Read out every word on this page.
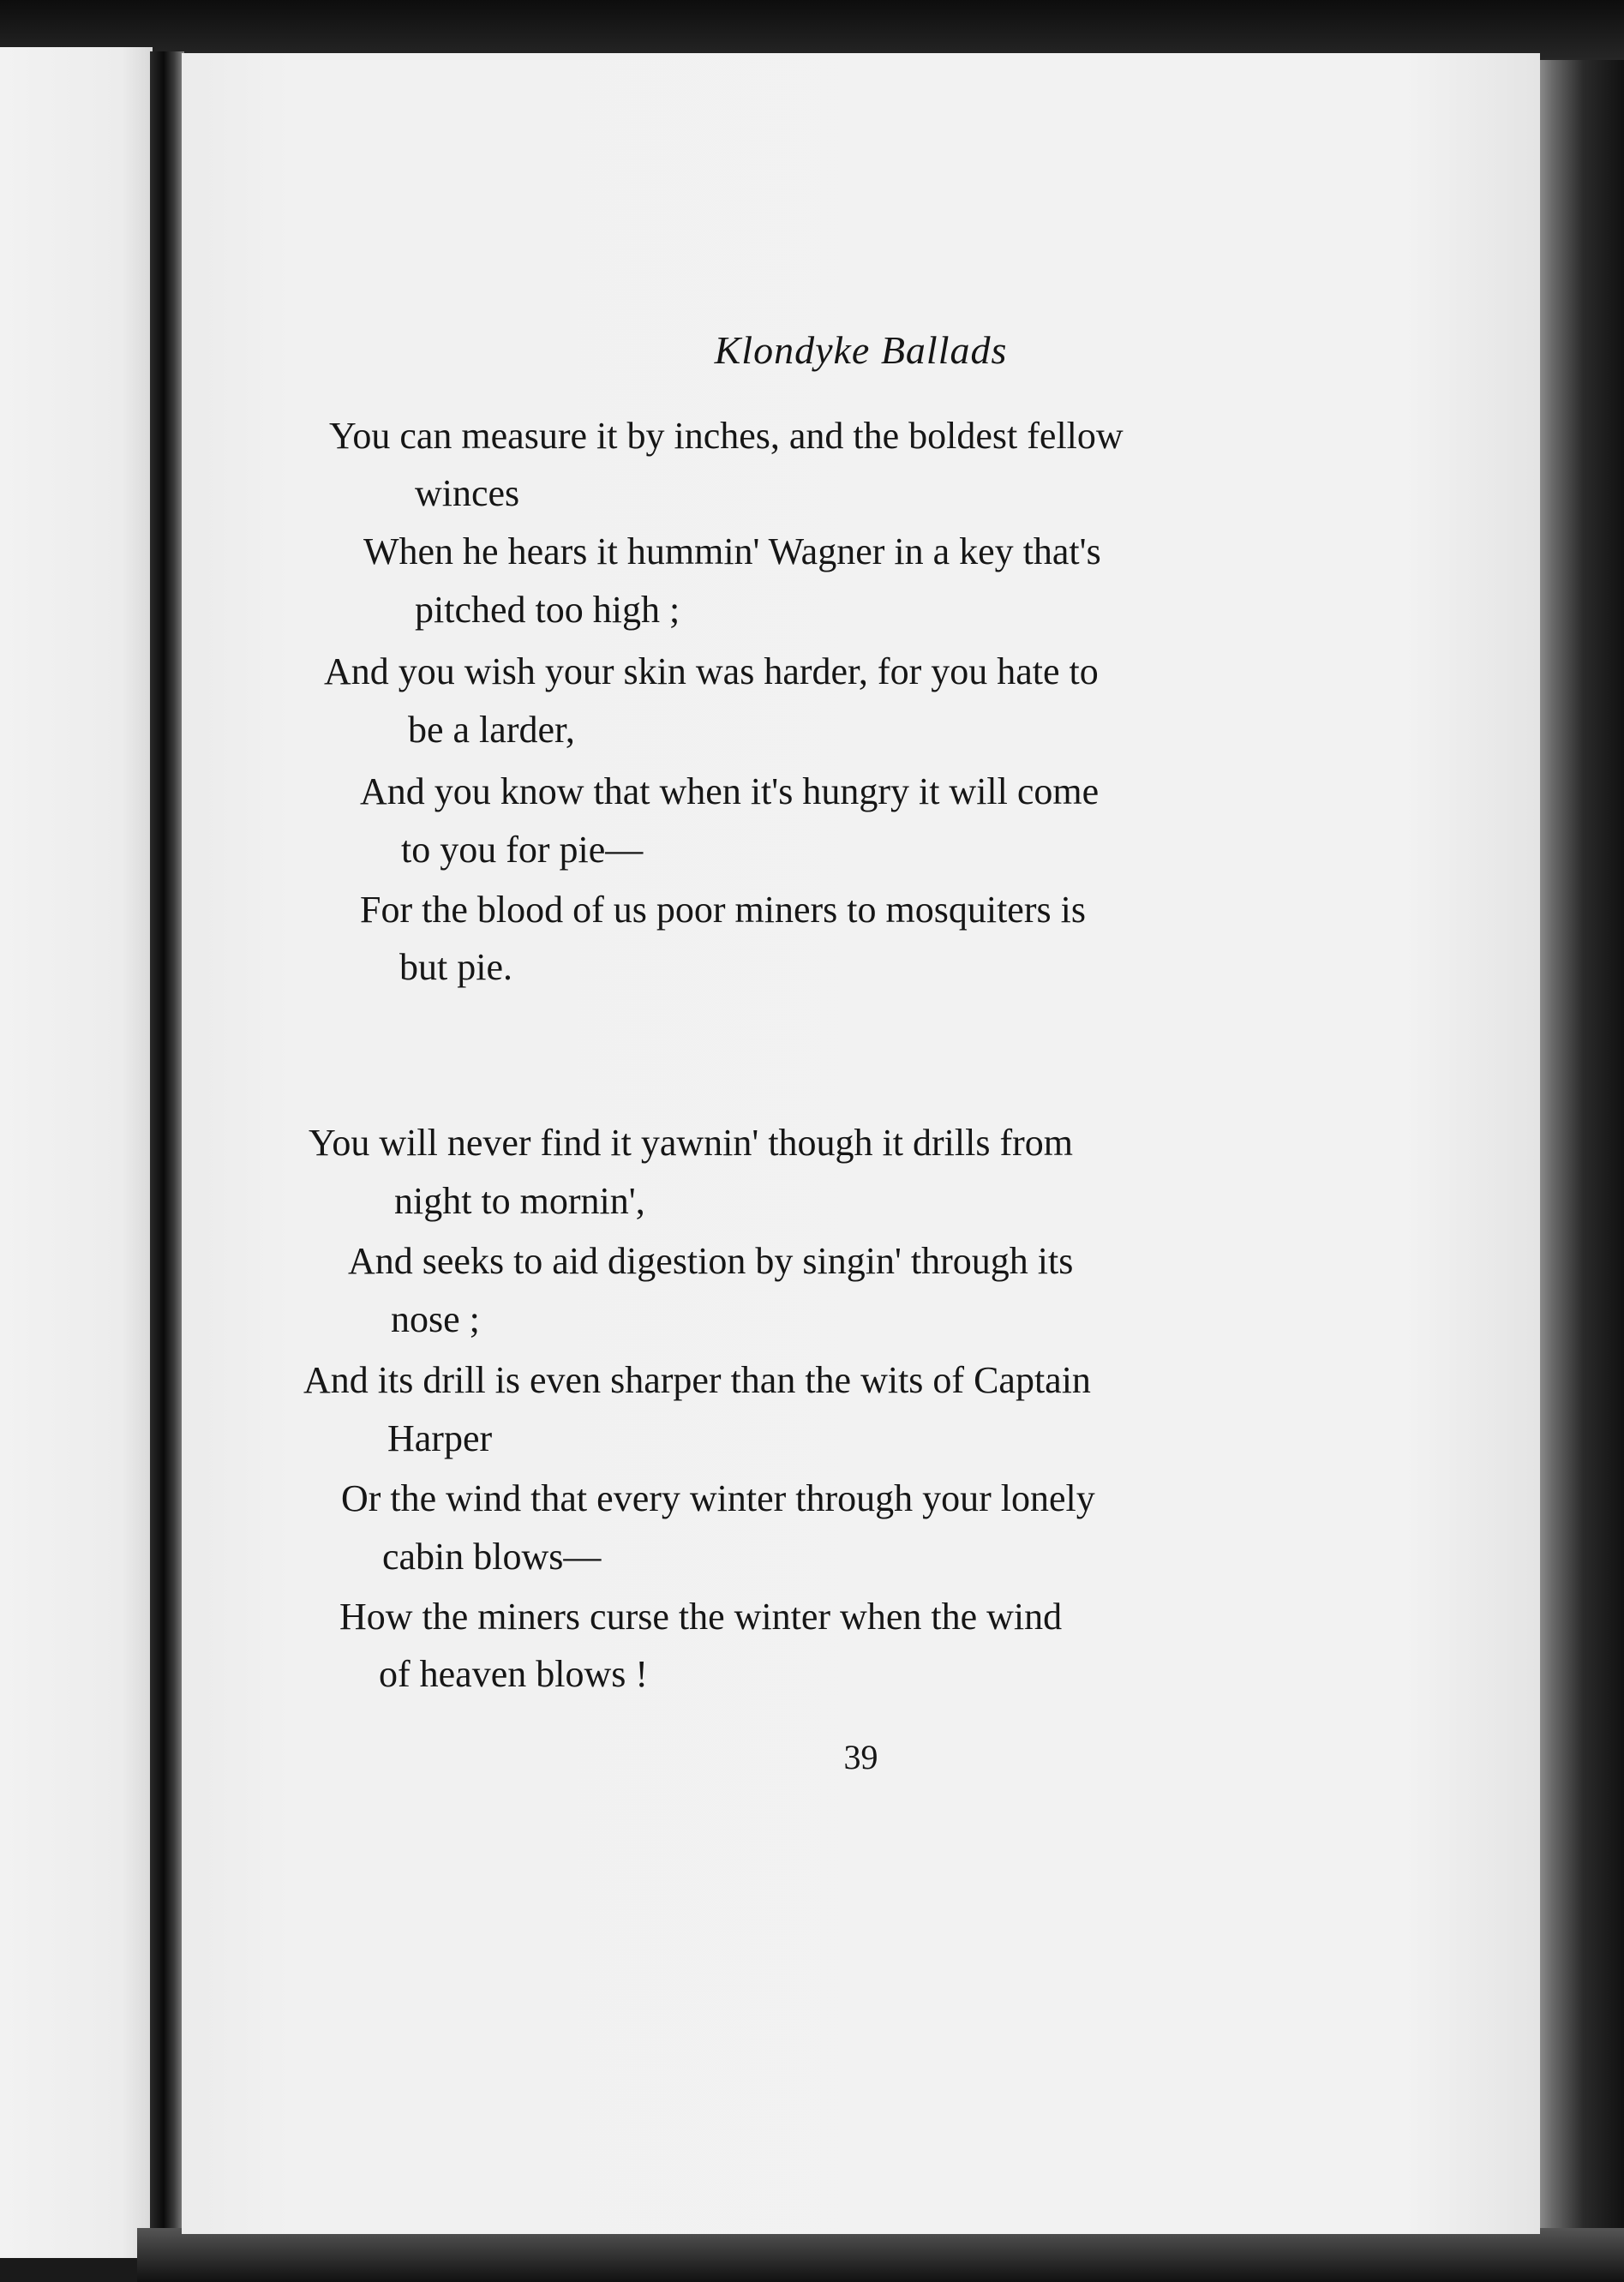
Klondyke Ballads
You can measure it by inches, and the boldest fellow
winces
When he hears it hummin' Wagner in a key that's
pitched too high ;
And you wish your skin was harder, for you hate to
be a larder,
And you know that when it's hungry it will come
to you for pie—
For the blood of us poor miners to mosquiters is
but pie.
You will never find it yawnin' though it drills from
night to mornin',
And seeks to aid digestion by singin' through its
nose ;
And its drill is even sharper than the wits of Captain
Harper
Or the wind that every winter through your lonely
cabin blows—
How the miners curse the winter when the wind
of heaven blows !
39
